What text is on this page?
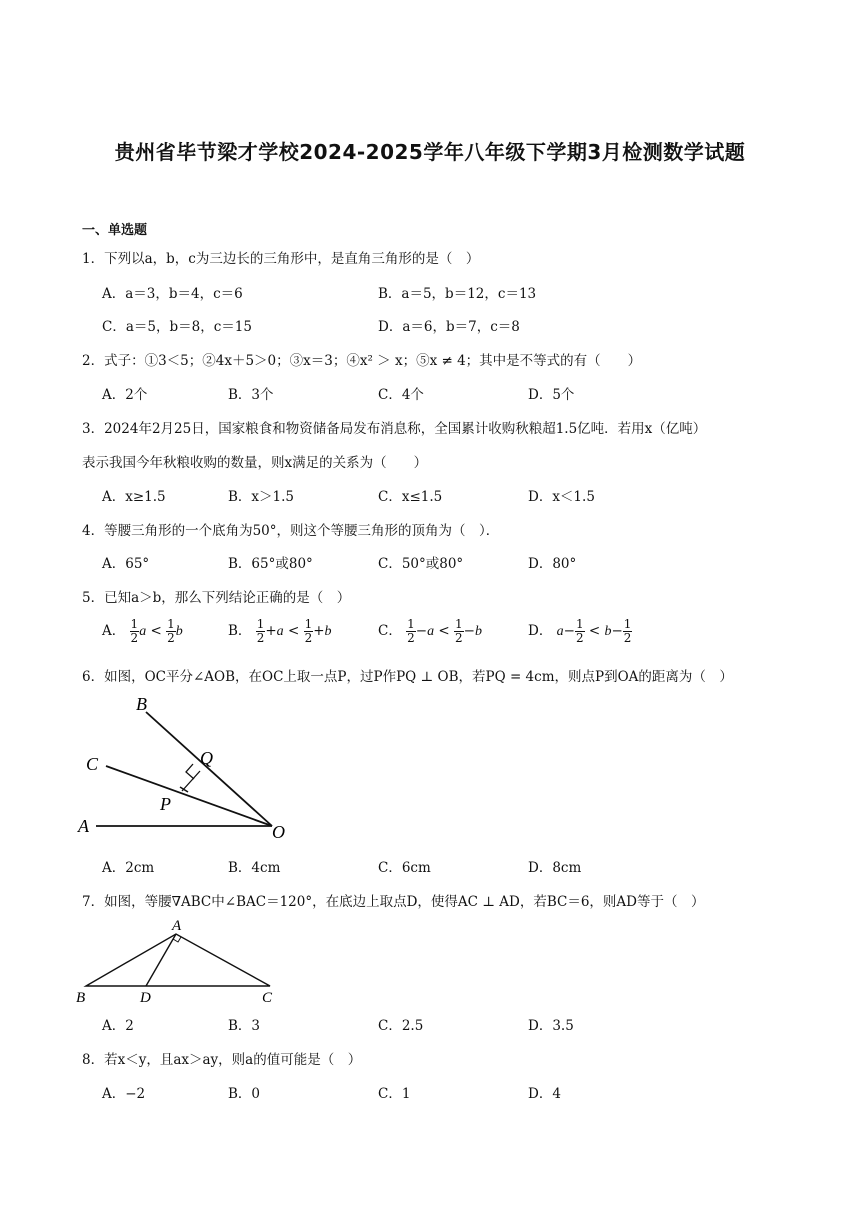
贵州省毕节梁才学校2024-2025学年八年级下学期3月检测数学试题
一、单选题
1．下列以a，b，c为三边长的三角形中，是直角三角形的是（　）
A．a＝3，b＝4，c＝6	B．a＝5，b＝12，c＝13
C．a＝5，b＝8，c＝15	D．a＝6，b＝7，c＝8
2．式子：①3＜5；②4x＋5＞0；③x＝3；④x² ＞ x；⑤x ≠ 4；其中是不等式的有（　　）
A．2个	B．3个	C．4个	D．5个
3．2024年2月25日，国家粮食和物资储备局发布消息称，全国累计收购秋粮超1.5亿吨．若用x（亿吨）
表示我国今年秋粮收购的数量，则x满足的关系为（　　）
A．x≥1.5	B．x＞1.5	C．x≤1.5	D．x＜1.5
4．等腰三角形的一个底角为50°，则这个等腰三角形的顶角为（　）．
A．65°	B．65°或80°	C．50°或80°	D．80°
5．已知a＞b，那么下列结论正确的是（　）
A． $\frac{1}{2}$ $a < \frac{1}{2}$ b	B． $\frac{1}{2} +a < \frac{1}{2} +b$	C． $\frac{1}{2} -a < \frac{1}{2} -b$	D． $a- \frac{1}{2} < b- \frac{1}{2}$
6．如图，OC平分∠AOB，在OC上取一点P，过P作PQ ⊥ OB，若PQ = 4cm，则点P到OA的距离为（　）
B
Q
C
P
A	O
A．2cm	B．4cm	C．6cm	D．8cm
7．如图，等腰∇ABC中∠BAC＝120°，在底边上取点D，使得AC ⊥ AD，若BC＝6，则AD等于（　）
A
B	D	C
A．2	B．3	C．2.5	D．3.5
8．若x＜y，且ax＞ay，则a的值可能是（　）
A．−2	B．0	C．1	D．4
